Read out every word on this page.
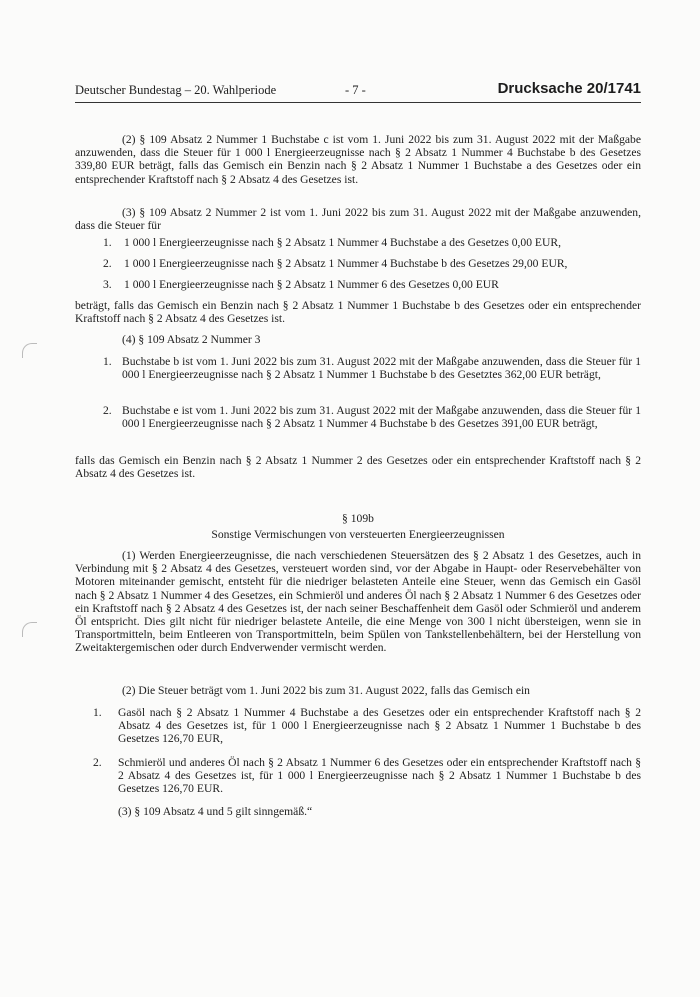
Deutscher Bundestag – 20. Wahlperiode	- 7 -	Drucksache 20/1741

(2) § 109 Absatz 2 Nummer 1 Buchstabe c ist vom 1. Juni 2022 bis zum 31. August 2022 mit der Maßgabe anzuwenden, dass die Steuer für 1 000 l Energieerzeugnisse nach § 2 Absatz 1 Nummer 4 Buchstabe b des Gesetzes 339,80 EUR beträgt, falls das Gemisch ein Benzin nach § 2 Absatz 1 Nummer 1 Buchstabe a des Gesetzes oder ein entsprechender Kraftstoff nach § 2 Absatz 4 des Gesetzes ist.

(3) § 109 Absatz 2 Nummer 2 ist vom 1. Juni 2022 bis zum 31. August 2022 mit der Maßgabe anzuwenden, dass die Steuer für

1. 1 000 l Energieerzeugnisse nach § 2 Absatz 1 Nummer 4 Buchstabe a des Gesetzes 0,00 EUR,
2. 1 000 l Energieerzeugnisse nach § 2 Absatz 1 Nummer 4 Buchstabe b des Gesetzes 29,00 EUR,
3. 1 000 l Energieerzeugnisse nach § 2 Absatz 1 Nummer 6 des Gesetzes 0,00 EUR

beträgt, falls das Gemisch ein Benzin nach § 2 Absatz 1 Nummer 1 Buchstabe b des Gesetzes oder ein entsprechender Kraftstoff nach § 2 Absatz 4 des Gesetzes ist.

(4) § 109 Absatz 2 Nummer 3

1. Buchstabe b ist vom 1. Juni 2022 bis zum 31. August 2022 mit der Maßgabe anzuwenden, dass die Steuer für 1 000 l Energieerzeugnisse nach § 2 Absatz 1 Nummer 1 Buchstabe b des Gesetztes 362,00 EUR beträgt,

2. Buchstabe e ist vom 1. Juni 2022 bis zum 31. August 2022 mit der Maßgabe anzuwenden, dass die Steuer für 1 000 l Energieerzeugnisse nach § 2 Absatz 1 Nummer 4 Buchstabe b des Gesetzes 391,00 EUR beträgt,

falls das Gemisch ein Benzin nach § 2 Absatz 1 Nummer 2 des Gesetzes oder ein entsprechender Kraftstoff nach § 2 Absatz 4 des Gesetzes ist.

§ 109b
Sonstige Vermischungen von versteuerten Energieerzeugnissen

(1) Werden Energieerzeugnisse, die nach verschiedenen Steuersätzen des § 2 Absatz 1 des Gesetzes, auch in Verbindung mit § 2 Absatz 4 des Gesetzes, versteuert worden sind, vor der Abgabe in Haupt- oder Reservebehälter von Motoren miteinander gemischt, entsteht für die niedriger belasteten Anteile eine Steuer, wenn das Gemisch ein Gasöl nach § 2 Absatz 1 Nummer 4 des Gesetzes, ein Schmieröl und anderes Öl nach § 2 Absatz 1 Nummer 6 des Gesetzes oder ein Kraftstoff nach § 2 Absatz 4 des Gesetzes ist, der nach seiner Beschaffenheit dem Gasöl oder Schmieröl und anderem Öl entspricht. Dies gilt nicht für niedriger belastete Anteile, die eine Menge von 300 l nicht übersteigen, wenn sie in Transportmitteln, beim Entleeren von Transportmitteln, beim Spülen von Tankstellenbehältern, bei der Herstellung von Zweitaktergemischen oder durch Endverwender vermischt werden.

(2) Die Steuer beträgt vom 1. Juni 2022 bis zum 31. August 2022, falls das Gemisch ein

1. Gasöl nach § 2 Absatz 1 Nummer 4 Buchstabe a des Gesetzes oder ein entsprechender Kraftstoff nach § 2 Absatz 4 des Gesetzes ist, für 1 000 l Energieerzeugnisse nach § 2 Absatz 1 Nummer 1 Buchstabe b des Gesetzes 126,70 EUR,

2. Schmieröl und anderes Öl nach § 2 Absatz 1 Nummer 6 des Gesetzes oder ein entsprechender Kraftstoff nach § 2 Absatz 4 des Gesetzes ist, für 1 000 l Energieerzeugnisse nach § 2 Absatz 1 Nummer 1 Buchstabe b des Gesetzes 126,70 EUR.

(3) § 109 Absatz 4 und 5 gilt sinngemäß.“
